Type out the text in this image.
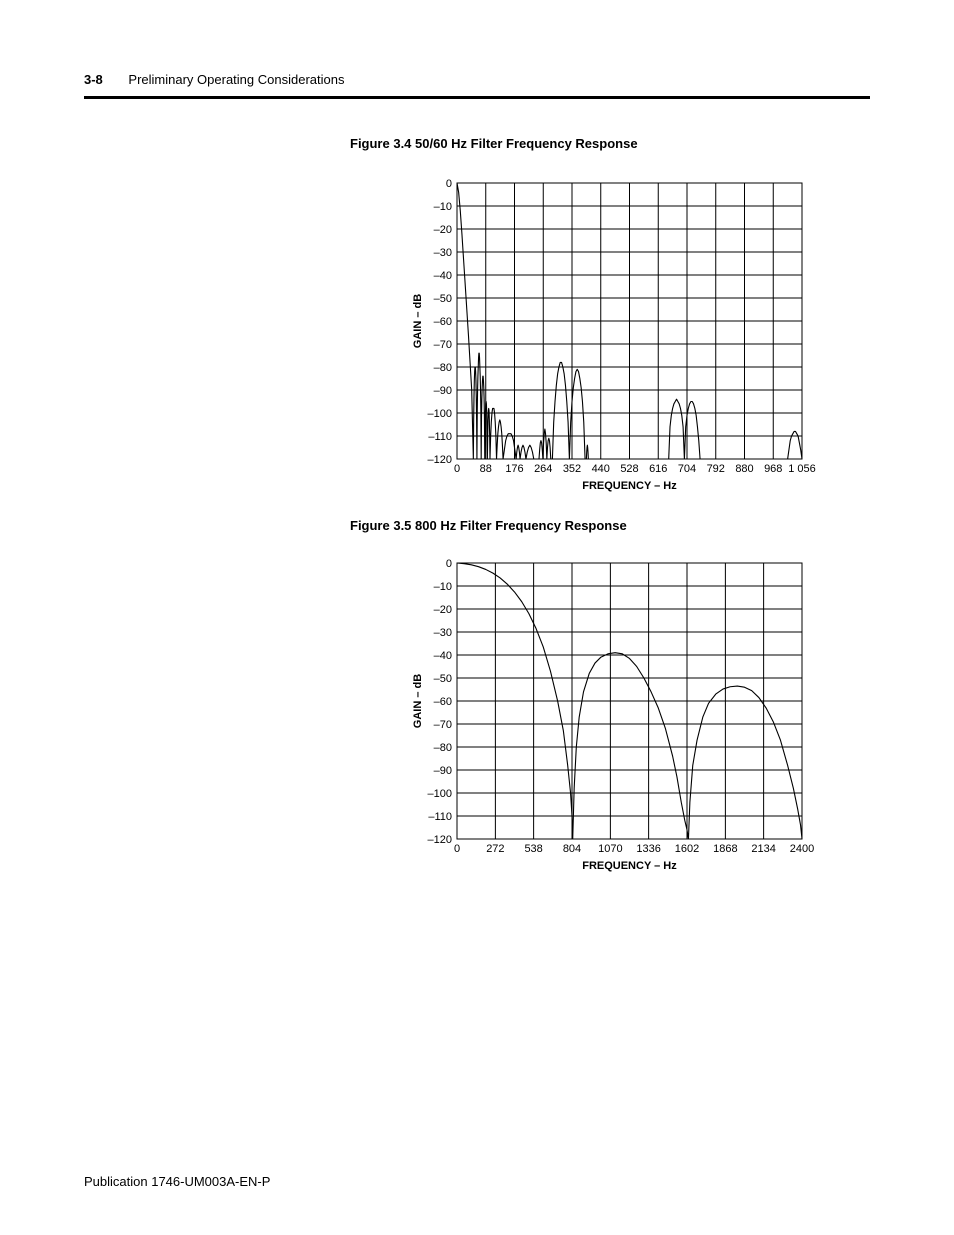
3-8 Preliminary Operating Considerations
Figure 3.4 50/60 Hz Filter Frequency Response
0 88 176 264 352 440 528 616 704 792 880 968 1 056
0
–10
–20
–30
–40
–50
–60
–70
–80
–90
–100
–110
–120
FREQUENCY – Hz
GAIN – dB
Figure 3.5 800 Hz Filter Frequency Response
0 272 538 804 1070 1336 1602 1868 2134 2400
0
–10
–20
–30
–40
–50
–60
–70
–80
–90
–100
–110
–120
FREQUENCY – Hz
GAIN – dB
Publication 1746-UM003A-EN-P
